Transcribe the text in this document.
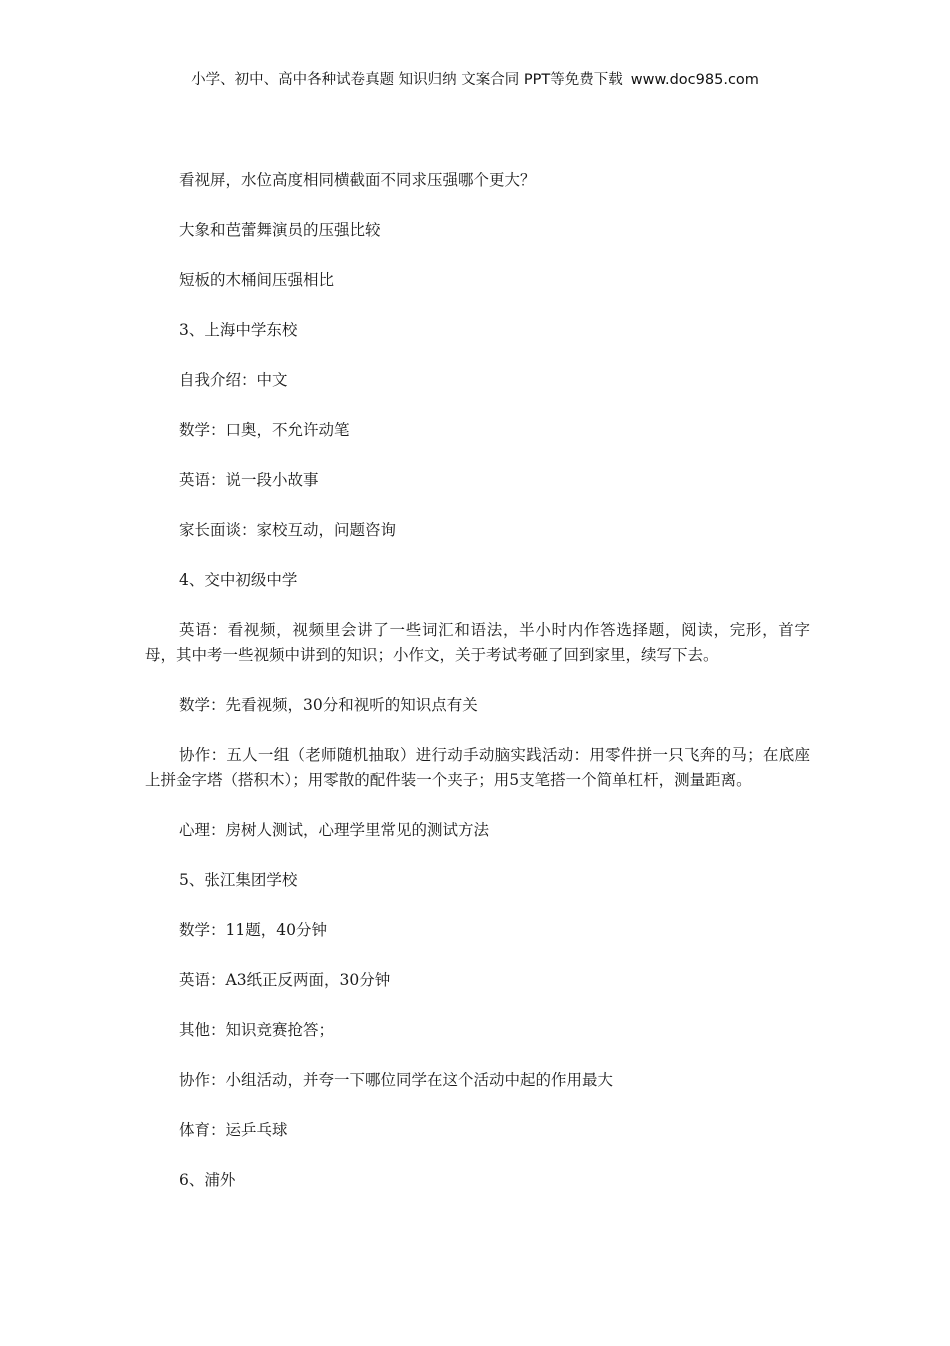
小学、初中、高中各种试卷真题 知识归纳 文案合同 PPT等免费下载 www.doc985.com

看视屏，水位高度相同横截面不同求压强哪个更大？

大象和芭蕾舞演员的压强比较

短板的木桶间压强相比

3、上海中学东校

自我介绍：中文

数学：口奥，不允许动笔

英语：说一段小故事

家长面谈：家校互动，问题咨询

4、交中初级中学

英语：看视频，视频里会讲了一些词汇和语法，半小时内作答选择题，阅读，完形，首字母，其中考一些视频中讲到的知识；小作文，关于考试考砸了回到家里，续写下去。

数学：先看视频，30分和视听的知识点有关

协作：五人一组（老师随机抽取）进行动手动脑实践活动：用零件拼一只飞奔的马；在底座上拼金字塔（搭积木）；用零散的配件装一个夹子；用5支笔搭一个简单杠杆，测量距离。

心理：房树人测试，心理学里常见的测试方法

5、张江集团学校

数学：11题，40分钟

英语：A3纸正反两面，30分钟

其他：知识竞赛抢答；

协作：小组活动，并夸一下哪位同学在这个活动中起的作用最大

体育：运乒乓球

6、浦外
